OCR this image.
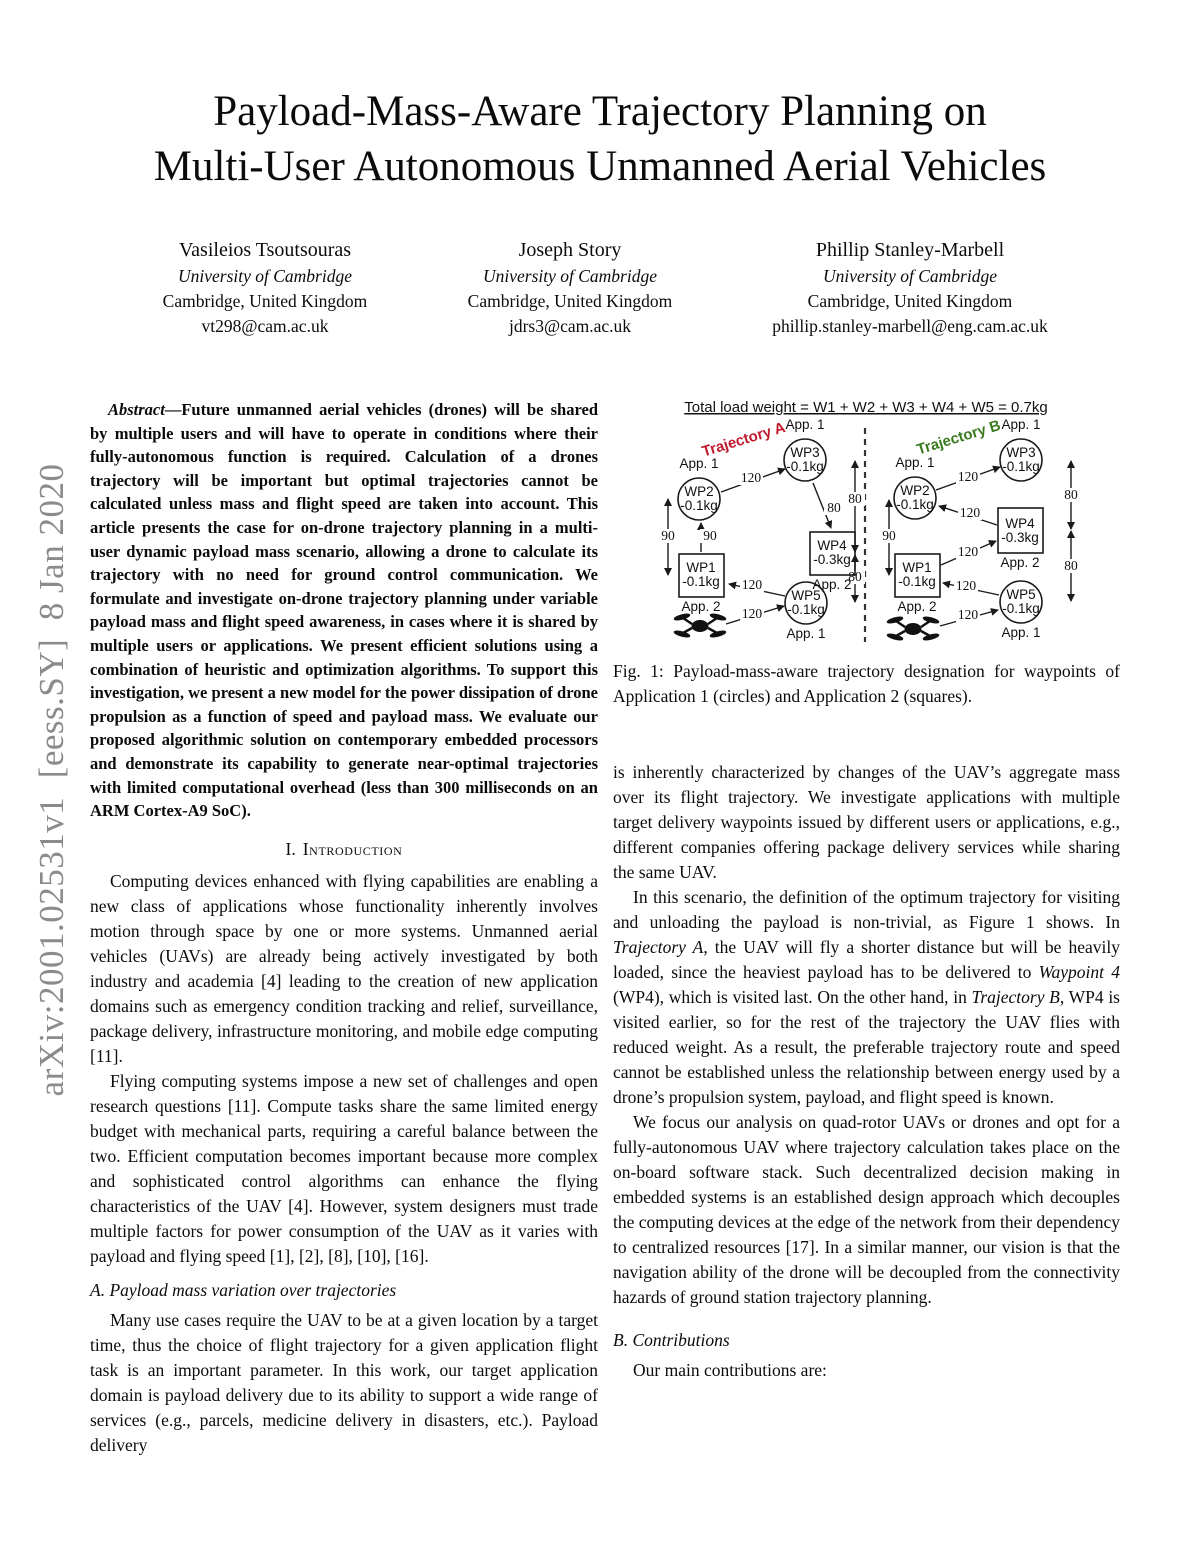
arXiv:2001.02531v1  [eess.SY]  8 Jan 2020
Payload-Mass-Aware Trajectory Planning on
Multi-User Autonomous Unmanned Aerial Vehicles
Vasileios Tsoutsouras
University of Cambridge
Cambridge, United Kingdom
vt298@cam.ac.uk
Joseph Story
University of Cambridge
Cambridge, United Kingdom
jdrs3@cam.ac.uk
Phillip Stanley-Marbell
University of Cambridge
Cambridge, United Kingdom
phillip.stanley-marbell@eng.cam.ac.uk

Abstract—Future unmanned aerial vehicles (drones) will be shared by multiple users and will have to operate in conditions where their fully-autonomous function is required. Calculation of a drones trajectory will be important but optimal trajectories cannot be calculated unless mass and flight speed are taken into account. This article presents the case for on-drone trajectory planning in a multi-user dynamic payload mass scenario, allowing a drone to calculate its trajectory with no need for ground control communication. We formulate and investigate on-drone trajectory planning under variable payload mass and flight speed awareness, in cases where it is shared by multiple users or applications. We present efficient solutions using a combination of heuristic and optimization algorithms. To support this investigation, we present a new model for the power dissipation of drone propulsion as a function of speed and payload mass. We evaluate our proposed algorithmic solution on contemporary embedded processors and demonstrate its capability to generate near-optimal trajectories with limited computational overhead (less than 300 milliseconds on an ARM Cortex-A9 SoC).

I. Introduction

Computing devices enhanced with flying capabilities are enabling a new class of applications whose functionality inherently involves motion through space by one or more systems. Unmanned aerial vehicles (UAVs) are already being actively investigated by both industry and academia [4] leading to the creation of new application domains such as emergency condition tracking and relief, surveillance, package delivery, infrastructure monitoring, and mobile edge computing [11].

Flying computing systems impose a new set of challenges and open research questions [11]. Compute tasks share the same limited energy budget with mechanical parts, requiring a careful balance between the two. Efficient computation becomes important because more complex and sophisticated control algorithms can enhance the flying characteristics of the UAV [4]. However, system designers must trade multiple factors for power consumption of the UAV as it varies with payload and flying speed [1], [2], [8], [10], [16].

A. Payload mass variation over trajectories

Many use cases require the UAV to be at a given location by a target time, thus the choice of flight trajectory for a given application flight task is an important parameter. In this work, our target application domain is payload delivery due to its ability to support a wide range of services (e.g., parcels, medicine delivery in disasters, etc.). Payload delivery

Total load weight = W1 + W2 + W3 + W4 + W5 = 0.7kg
Trajectory A
120
80
90
120
120
90
80
80
WP2
-0.1kg
App. 1
WP3
-0.1kg
App. 1
WP4
-0.3kg
App. 2
WP1
-0.1kg
App. 2
WP5
-0.1kg
App. 1
Trajectory B
120
120
120
120
120
90
80
80
WP2
-0.1kg
App. 1
WP3
-0.1kg
App. 1
WP4
-0.3kg
App. 2
WP1
-0.1kg
App. 2
WP5
-0.1kg
App. 1

Fig. 1: Payload-mass-aware trajectory designation for waypoints of Application 1 (circles) and Application 2 (squares).

is inherently characterized by changes of the UAV’s aggregate mass over its flight trajectory. We investigate applications with multiple target delivery waypoints issued by different users or applications, e.g., different companies offering package delivery services while sharing the same UAV.

In this scenario, the definition of the optimum trajectory for visiting and unloading the payload is non-trivial, as Figure 1 shows. In Trajectory A, the UAV will fly a shorter distance but will be heavily loaded, since the heaviest payload has to be delivered to Waypoint 4 (WP4), which is visited last. On the other hand, in Trajectory B, WP4 is visited earlier, so for the rest of the trajectory the UAV flies with reduced weight. As a result, the preferable trajectory route and speed cannot be established unless the relationship between energy used by a drone’s propulsion system, payload, and flight speed is known.

We focus our analysis on quad-rotor UAVs or drones and opt for a fully-autonomous UAV where trajectory calculation takes place on the on-board software stack. Such decentralized decision making in embedded systems is an established design approach which decouples the computing devices at the edge of the network from their dependency to centralized resources [17]. In a similar manner, our vision is that the navigation ability of the drone will be decoupled from the connectivity hazards of ground station trajectory planning.

B. Contributions

Our main contributions are:
